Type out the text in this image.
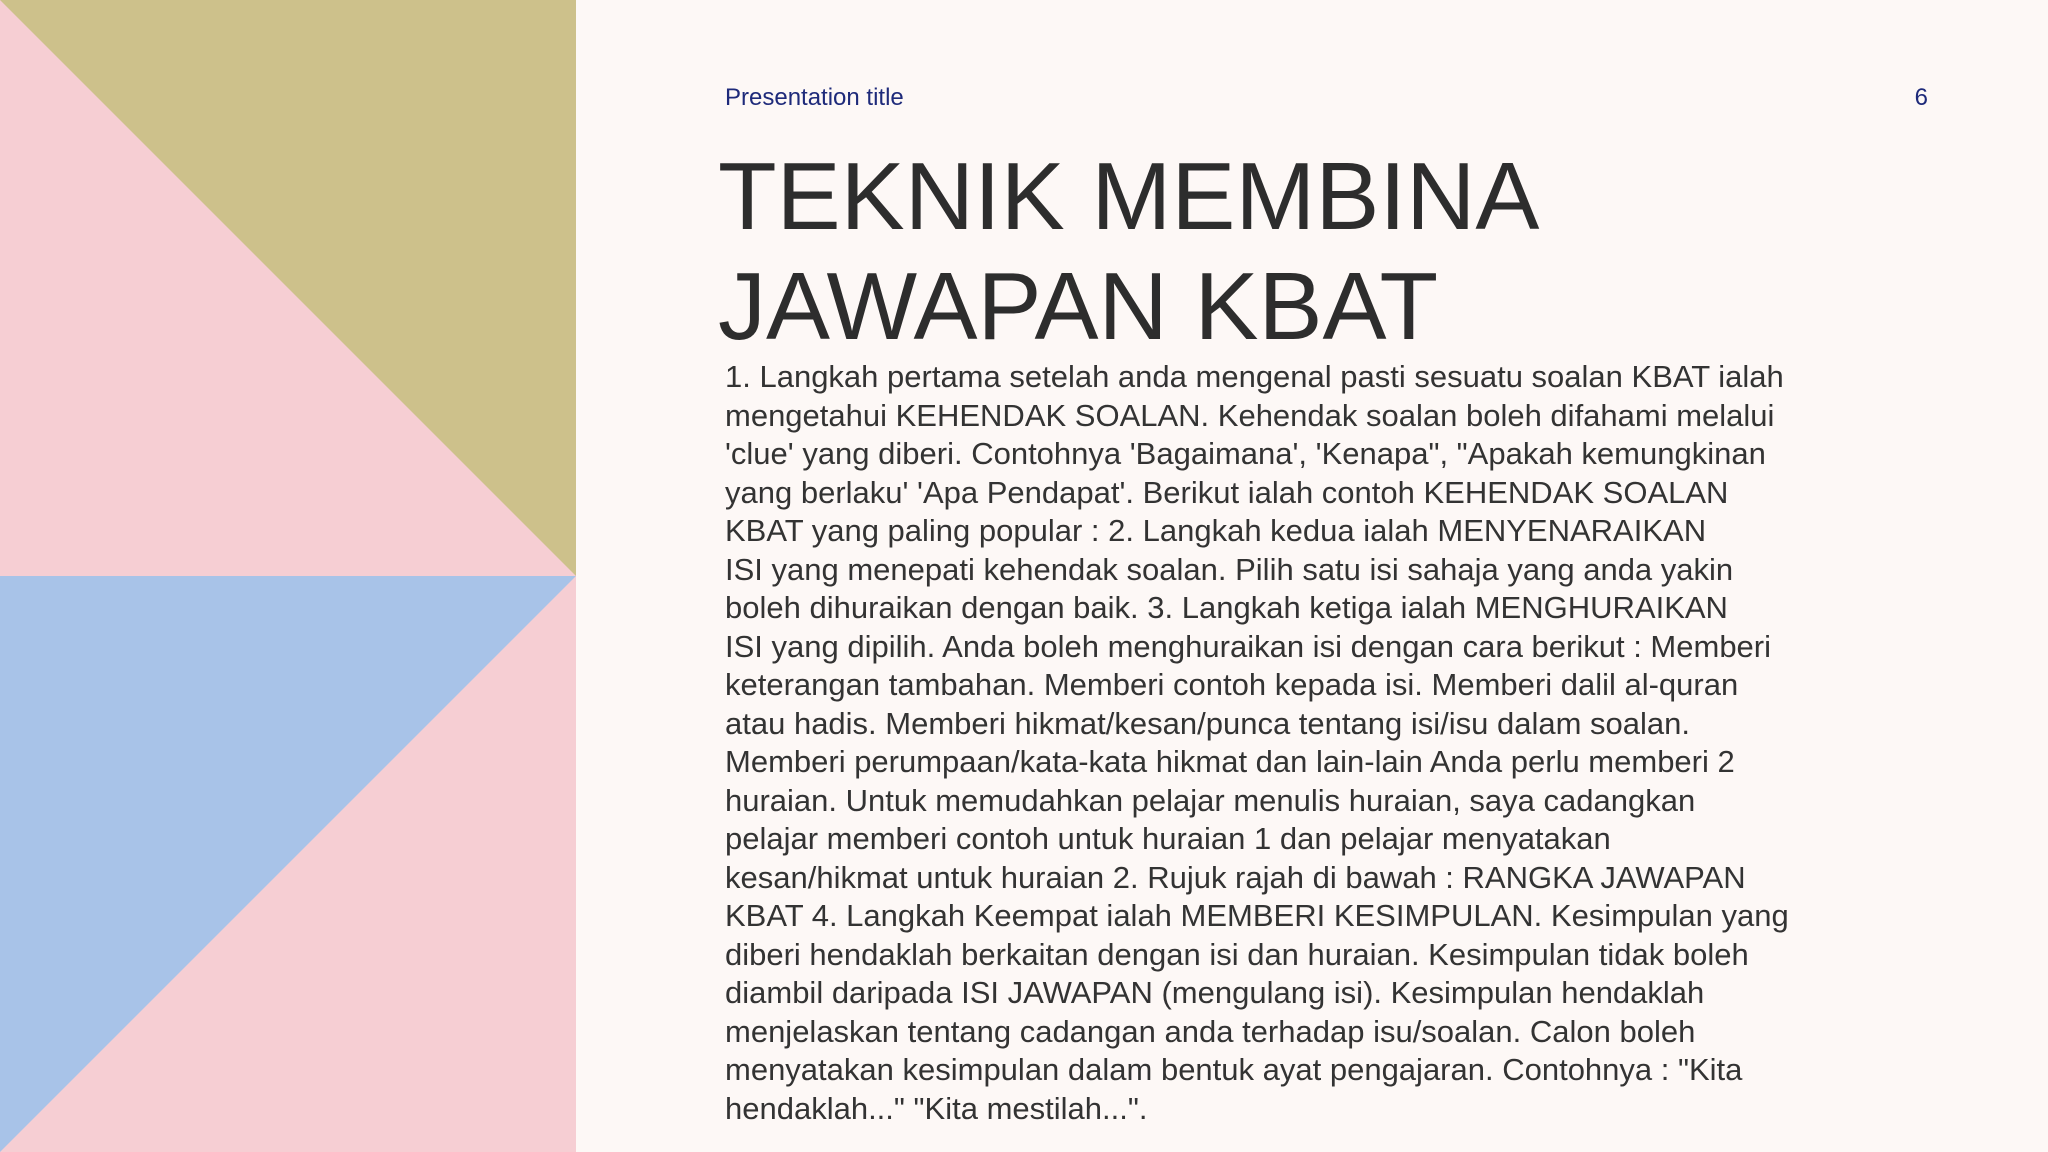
Presentation title	6
TEKNIK MEMBINA
JAWAPAN KBAT
1. Langkah pertama setelah anda mengenal pasti sesuatu soalan KBAT ialah
mengetahui KEHENDAK SOALAN. Kehendak soalan boleh difahami melalui
'clue' yang diberi. Contohnya 'Bagaimana', 'Kenapa", "Apakah kemungkinan
yang berlaku' 'Apa Pendapat'. Berikut ialah contoh KEHENDAK SOALAN
KBAT yang paling popular : 2. Langkah kedua ialah MENYENARAIKAN
ISI yang menepati kehendak soalan. Pilih satu isi sahaja yang anda yakin
boleh dihuraikan dengan baik. 3. Langkah ketiga ialah MENGHURAIKAN
ISI yang dipilih. Anda boleh menghuraikan isi dengan cara berikut : Memberi
keterangan tambahan. Memberi contoh kepada isi. Memberi dalil al-quran
atau hadis. Memberi hikmat/kesan/punca tentang isi/isu dalam soalan.
Memberi perumpaan/kata-kata hikmat dan lain-lain Anda perlu memberi 2
huraian. Untuk memudahkan pelajar menulis huraian, saya cadangkan
pelajar memberi contoh untuk huraian 1 dan pelajar menyatakan
kesan/hikmat untuk huraian 2. Rujuk rajah di bawah : RANGKA JAWAPAN
KBAT 4. Langkah Keempat ialah MEMBERI KESIMPULAN. Kesimpulan yang
diberi hendaklah berkaitan dengan isi dan huraian. Kesimpulan tidak boleh
diambil daripada ISI JAWAPAN (mengulang isi). Kesimpulan hendaklah
menjelaskan tentang cadangan anda terhadap isu/soalan. Calon boleh
menyatakan kesimpulan dalam bentuk ayat pengajaran. Contohnya : "Kita
hendaklah..." "Kita mestilah...".
